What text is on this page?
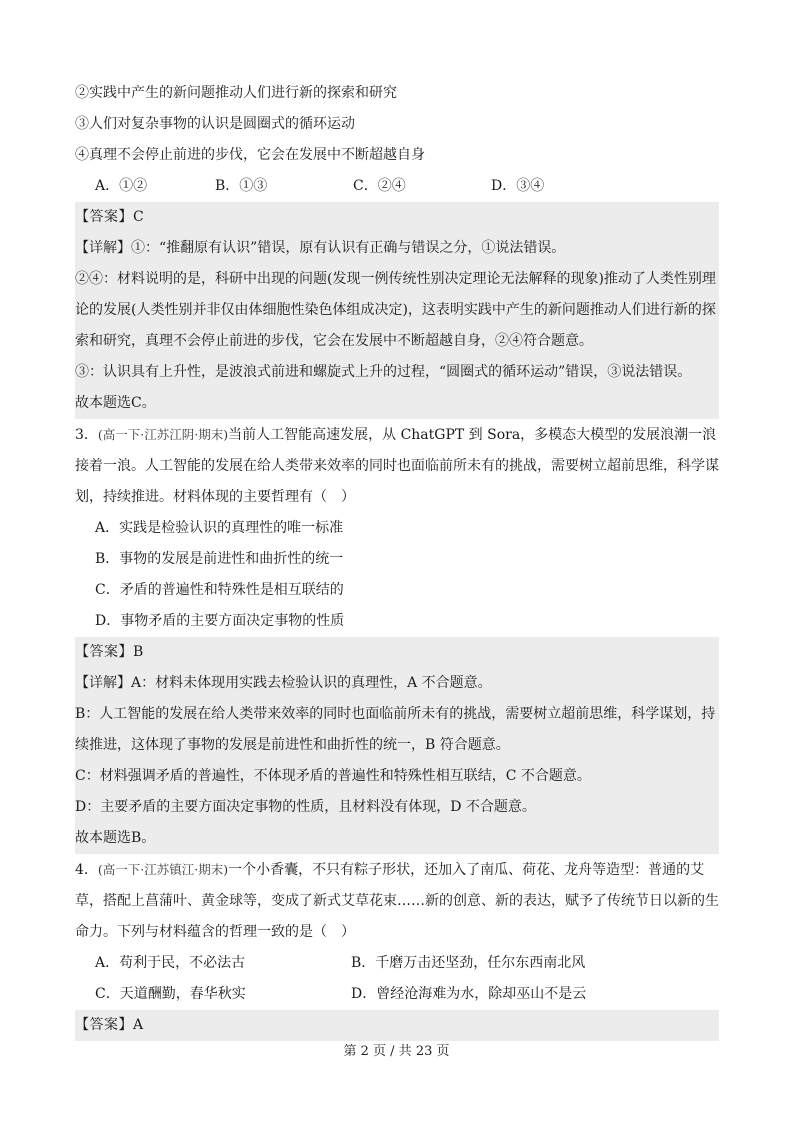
②实践中产生的新问题推动人们进行新的探索和研究
③人们对复杂事物的认识是圆圈式的循环运动
④真理不会停止前进的步伐，它会在发展中不断超越自身
A．①②	B．①③	C．②④	D．③④
【答案】C
【详解】①：“推翻原有认识”错误，原有认识有正确与错误之分，①说法错误。
②④：材料说明的是，科研中出现的问题(发现一例传统性别决定理论无法解释的现象)推动了人类性别理论的发展(人类性别并非仅由体细胞性染色体组成决定)，这表明实践中产生的新问题推动人们进行新的探索和研究，真理不会停止前进的步伐，它会在发展中不断超越自身，②④符合题意。
③：认识具有上升性，是波浪式前进和螺旋式上升的过程，“圆圈式的循环运动”错误，③说法错误。
故本题选C。
3．(高一下·江苏江阴·期末)当前人工智能高速发展，从 ChatGPT 到 Sora，多模态大模型的发展浪潮一浪接着一浪。人工智能的发展在给人类带来效率的同时也面临前所未有的挑战，需要树立超前思维，科学谋划，持续推进。材料体现的主要哲理有（　）
A．实践是检验认识的真理性的唯一标准
B．事物的发展是前进性和曲折性的统一
C．矛盾的普遍性和特殊性是相互联结的
D．事物矛盾的主要方面决定事物的性质
【答案】B
【详解】A：材料未体现用实践去检验认识的真理性，A 不合题意。
B：人工智能的发展在给人类带来效率的同时也面临前所未有的挑战，需要树立超前思维，科学谋划，持续推进，这体现了事物的发展是前进性和曲折性的统一，B 符合题意。
C：材料强调矛盾的普遍性，不体现矛盾的普遍性和特殊性相互联结，C 不合题意。
D：主要矛盾的主要方面决定事物的性质，且材料没有体现，D 不合题意。
故本题选B。
4．(高一下·江苏镇江·期末)一个小香囊，不只有粽子形状，还加入了南瓜、荷花、龙舟等造型：普通的艾草，搭配上菖蒲叶、黄金球等，变成了新式艾草花束……新的创意、新的表达，赋予了传统节日以新的生命力。下列与材料蕴含的哲理一致的是（　）
A．苟利于民，不必法古	B．千磨万击还坚劲，任尔东西南北风
C．天道酬勤，春华秋实	D．曾经沧海难为水，除却巫山不是云
【答案】A
第 2 页 / 共 23 页
